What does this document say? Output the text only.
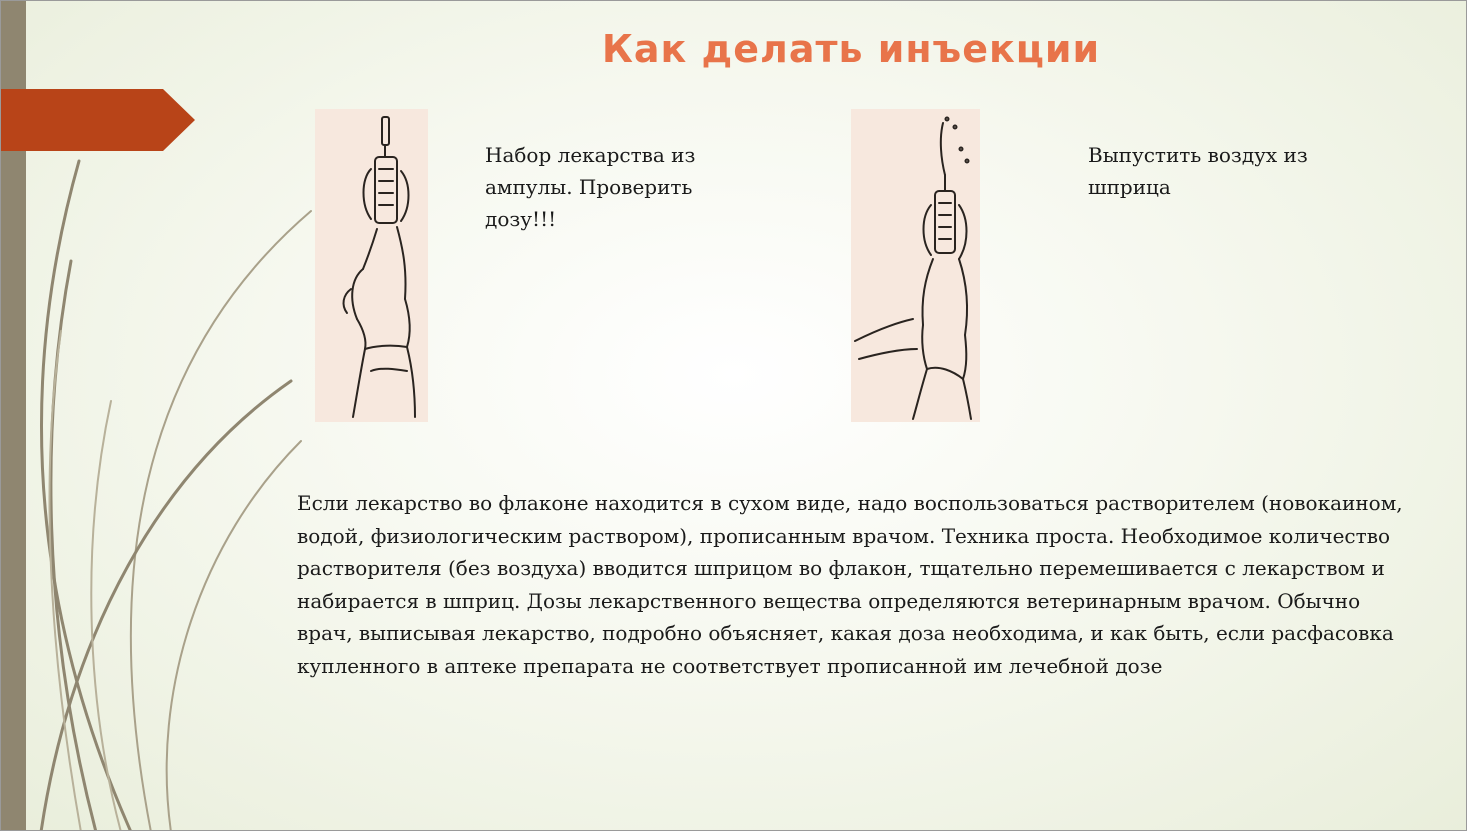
Как делать инъекции

Набор лекарства из ампулы. Проверить дозу!!!

Выпустить воздух из шприца

Если лекарство во флаконе находится в сухом виде, надо воспользоваться растворителем (новокаином, водой, физиологическим раствором), прописанным врачом. Техника проста. Необходимое количество растворителя (без воздуха) вводится шприцом во флакон, тщательно перемешивается с лекарством и набирается в шприц. Дозы лекарственного вещества определяются ветеринарным врачом. Обычно врач, выписывая лекарство, подробно объясняет, какая доза необходима, и как быть, если расфасовка купленного в аптеке препарата не соответствует прописанной им лечебной дозе
